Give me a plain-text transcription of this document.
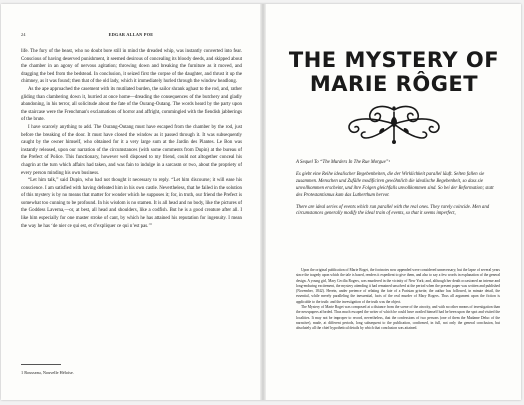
24	EDGAR ALLAN POE

life. The fury of the beast, who no doubt bore still in mind the dreaded whip, was instantly converted into fear. Conscious of having deserved punishment, it seemed desirous of concealing its bloody deeds, and skipped about the chamber in an agony of nervous agitation; throwing down and breaking the furniture as it moved, and dragging the bed from the bedstead. In conclusion, it seized first the corpse of the daughter, and thrust it up the chimney, as it was found; then that of the old lady, which it immediately hurled through the window headlong.

As the ape approached the casement with its mutilated burden, the sailor shrank aghast to the rod, and, rather gliding than clambering down it, hurried at once home—dreading the consequences of the butchery and gladly abandoning, in his terror, all solicitude about the fate of the Ourang-Outang. The words heard by the party upon the staircase were the Frenchman's exclamations of horror and affright, commingled with the fiendish jabberings of the brute.

I have scarcely anything to add. The Ourang-Outang must have escaped from the chamber by the rod, just before the breaking of the door. It must have closed the window as it passed through it. It was subsequently caught by the owner himself, who obtained for it a very large sum at the Jardin des Plantes. Le Bon was instantly released, upon our narration of the circumstances (with some comments from Dupin) at the bureau of the Prefect of Police. This functionary, however well disposed to my friend, could not altogether conceal his chagrin at the turn which affairs had taken, and was fain to indulge in a sarcasm or two, about the propriety of every person minding his own business.

“Let him talk,” said Dupin, who had not thought it necessary to reply. “Let him discourse; it will ease his conscience. I am satisfied with having defeated him in his own castle. Nevertheless, that he failed in the solution of this mystery is by no means that matter for wonder which he supposes it; for, in truth, our friend the Prefect is somewhat too cunning to be profound. In his wisdom is no stamen. It is all head and no body, like the pictures of the Goddess Laverna,—or, at best, all head and shoulders, like a codfish. But he is a good creature after all. I like him especially for one master stroke of cant, by which he has attained his reputation for ingenuity. I mean the way he has ‘de nier ce qui est, et d’expliquer ce qui n’est pas.’”

1 Rousseau, Nouvelle Héloïse.
THE MYSTERY OF MARIE RÔGET

A Sequel To “The Murders In The Rue Morgue”¹

Es giebt eine Reihe idealischer Begebenheiten, die der Wirklichkeit parallel läuft. Selten fallen sie zusammen. Menschen und Zufälle modificiren gewöhnlich die idealische Begebenheit, so dass sie unvollkommen erscheint, und ihre Folgen gleichfalls unvollkommen sind. So bei der Reformation; statt des Protestantismus kam das Lutherthum hervor.

There are ideal series of events which run parallel with the real ones. They rarely coincide. Men and circumstances generally modify the ideal train of events, so that it seems imperfect,

Upon the original publication of Marie Roget, the footnotes now appended were considered unnecessary; but the lapse of several years since the tragedy upon which the tale is based, renders it expedient to give them, and also to say a few words in explanation of the general design. A young girl, Mary Cecilia Rogers, was murdered in the vicinity of New York; and, although her death occasioned an intense and long-enduring excitement, the mystery attending it had remained unsolved at the period when the present paper was written and published (November, 1842). Herein, under pretence of relating the fate of a Parisian grisette, the author has followed, in minute detail, the essential, while merely paralleling the inessential, facts of the real murder of Mary Rogers. Thus all argument upon the fiction is applicable to the truth: and the investigation of the truth was the object.

The Mystery of Marie Roget was composed at a distance from the scene of the atrocity, and with no other means of investigation than the newspapers afforded. Thus much escaped the writer of which he could have availed himself had he been upon the spot and visited the localities. It may not be improper to record, nevertheless, that the confessions of two persons (one of them the Madame Deluc of the narrative), made, at different periods, long subsequent to the publication, confirmed, in full, not only the general conclusion, but absolutely all the chief hypothetical details by which that conclusion was attained.
